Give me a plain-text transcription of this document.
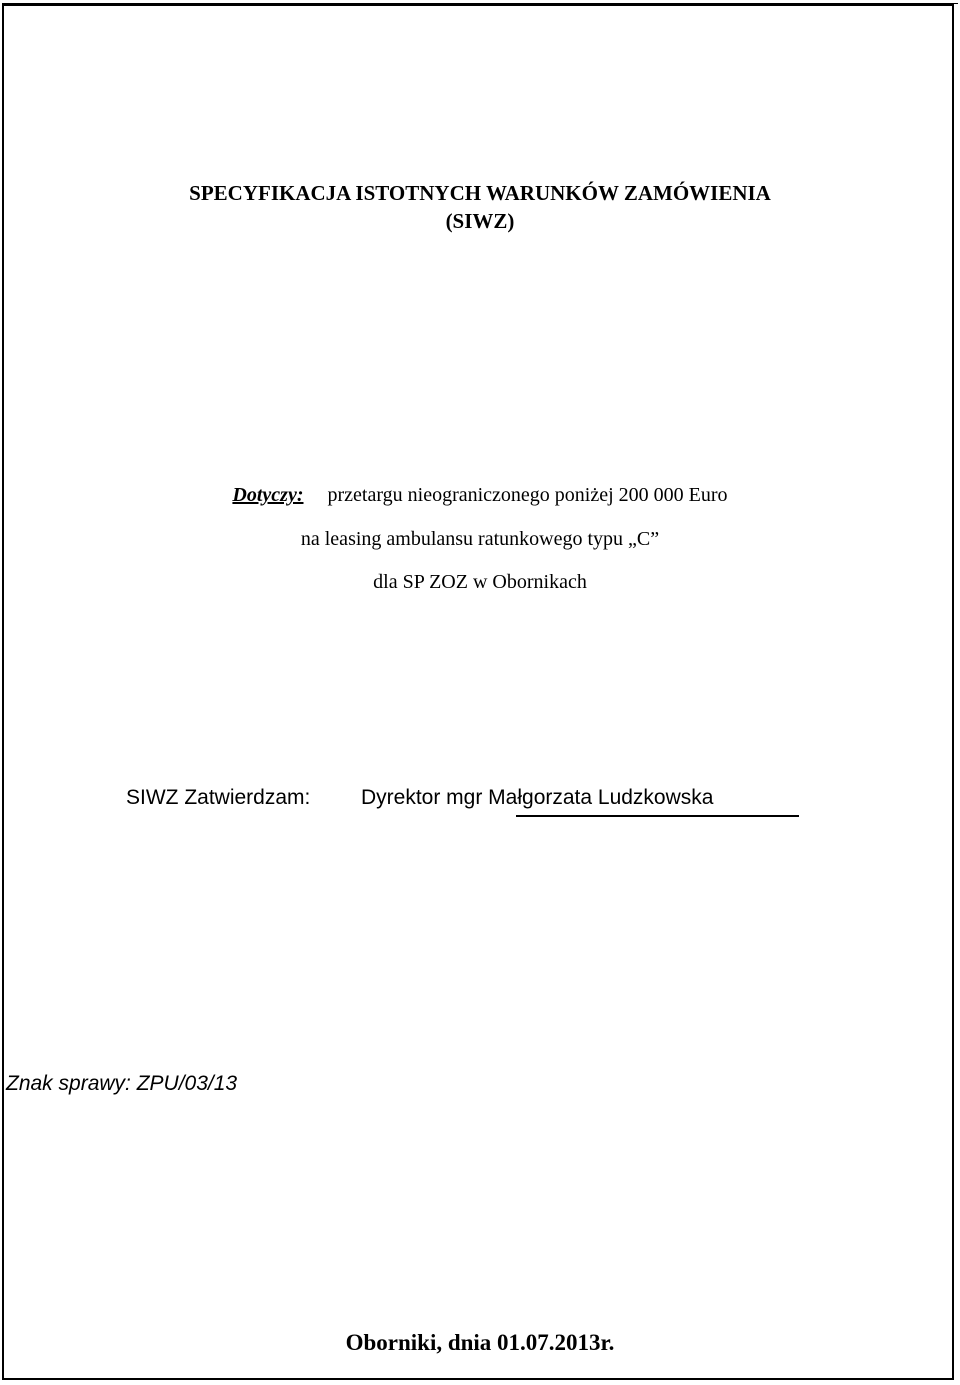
SPECYFIKACJA ISTOTNYCH WARUNKÓW ZAMÓWIENIA
(SIWZ)
Dotyczy: przetargu nieograniczonego poniżej 200 000 Euro
na leasing ambulansu ratunkowego typu „C”
dla SP ZOZ w Obornikach
SIWZ Zatwierdzam: Dyrektor mgr Małgorzata Ludzkowska
Znak sprawy: ZPU/03/13
Oborniki, dnia 01.07.2013r.
